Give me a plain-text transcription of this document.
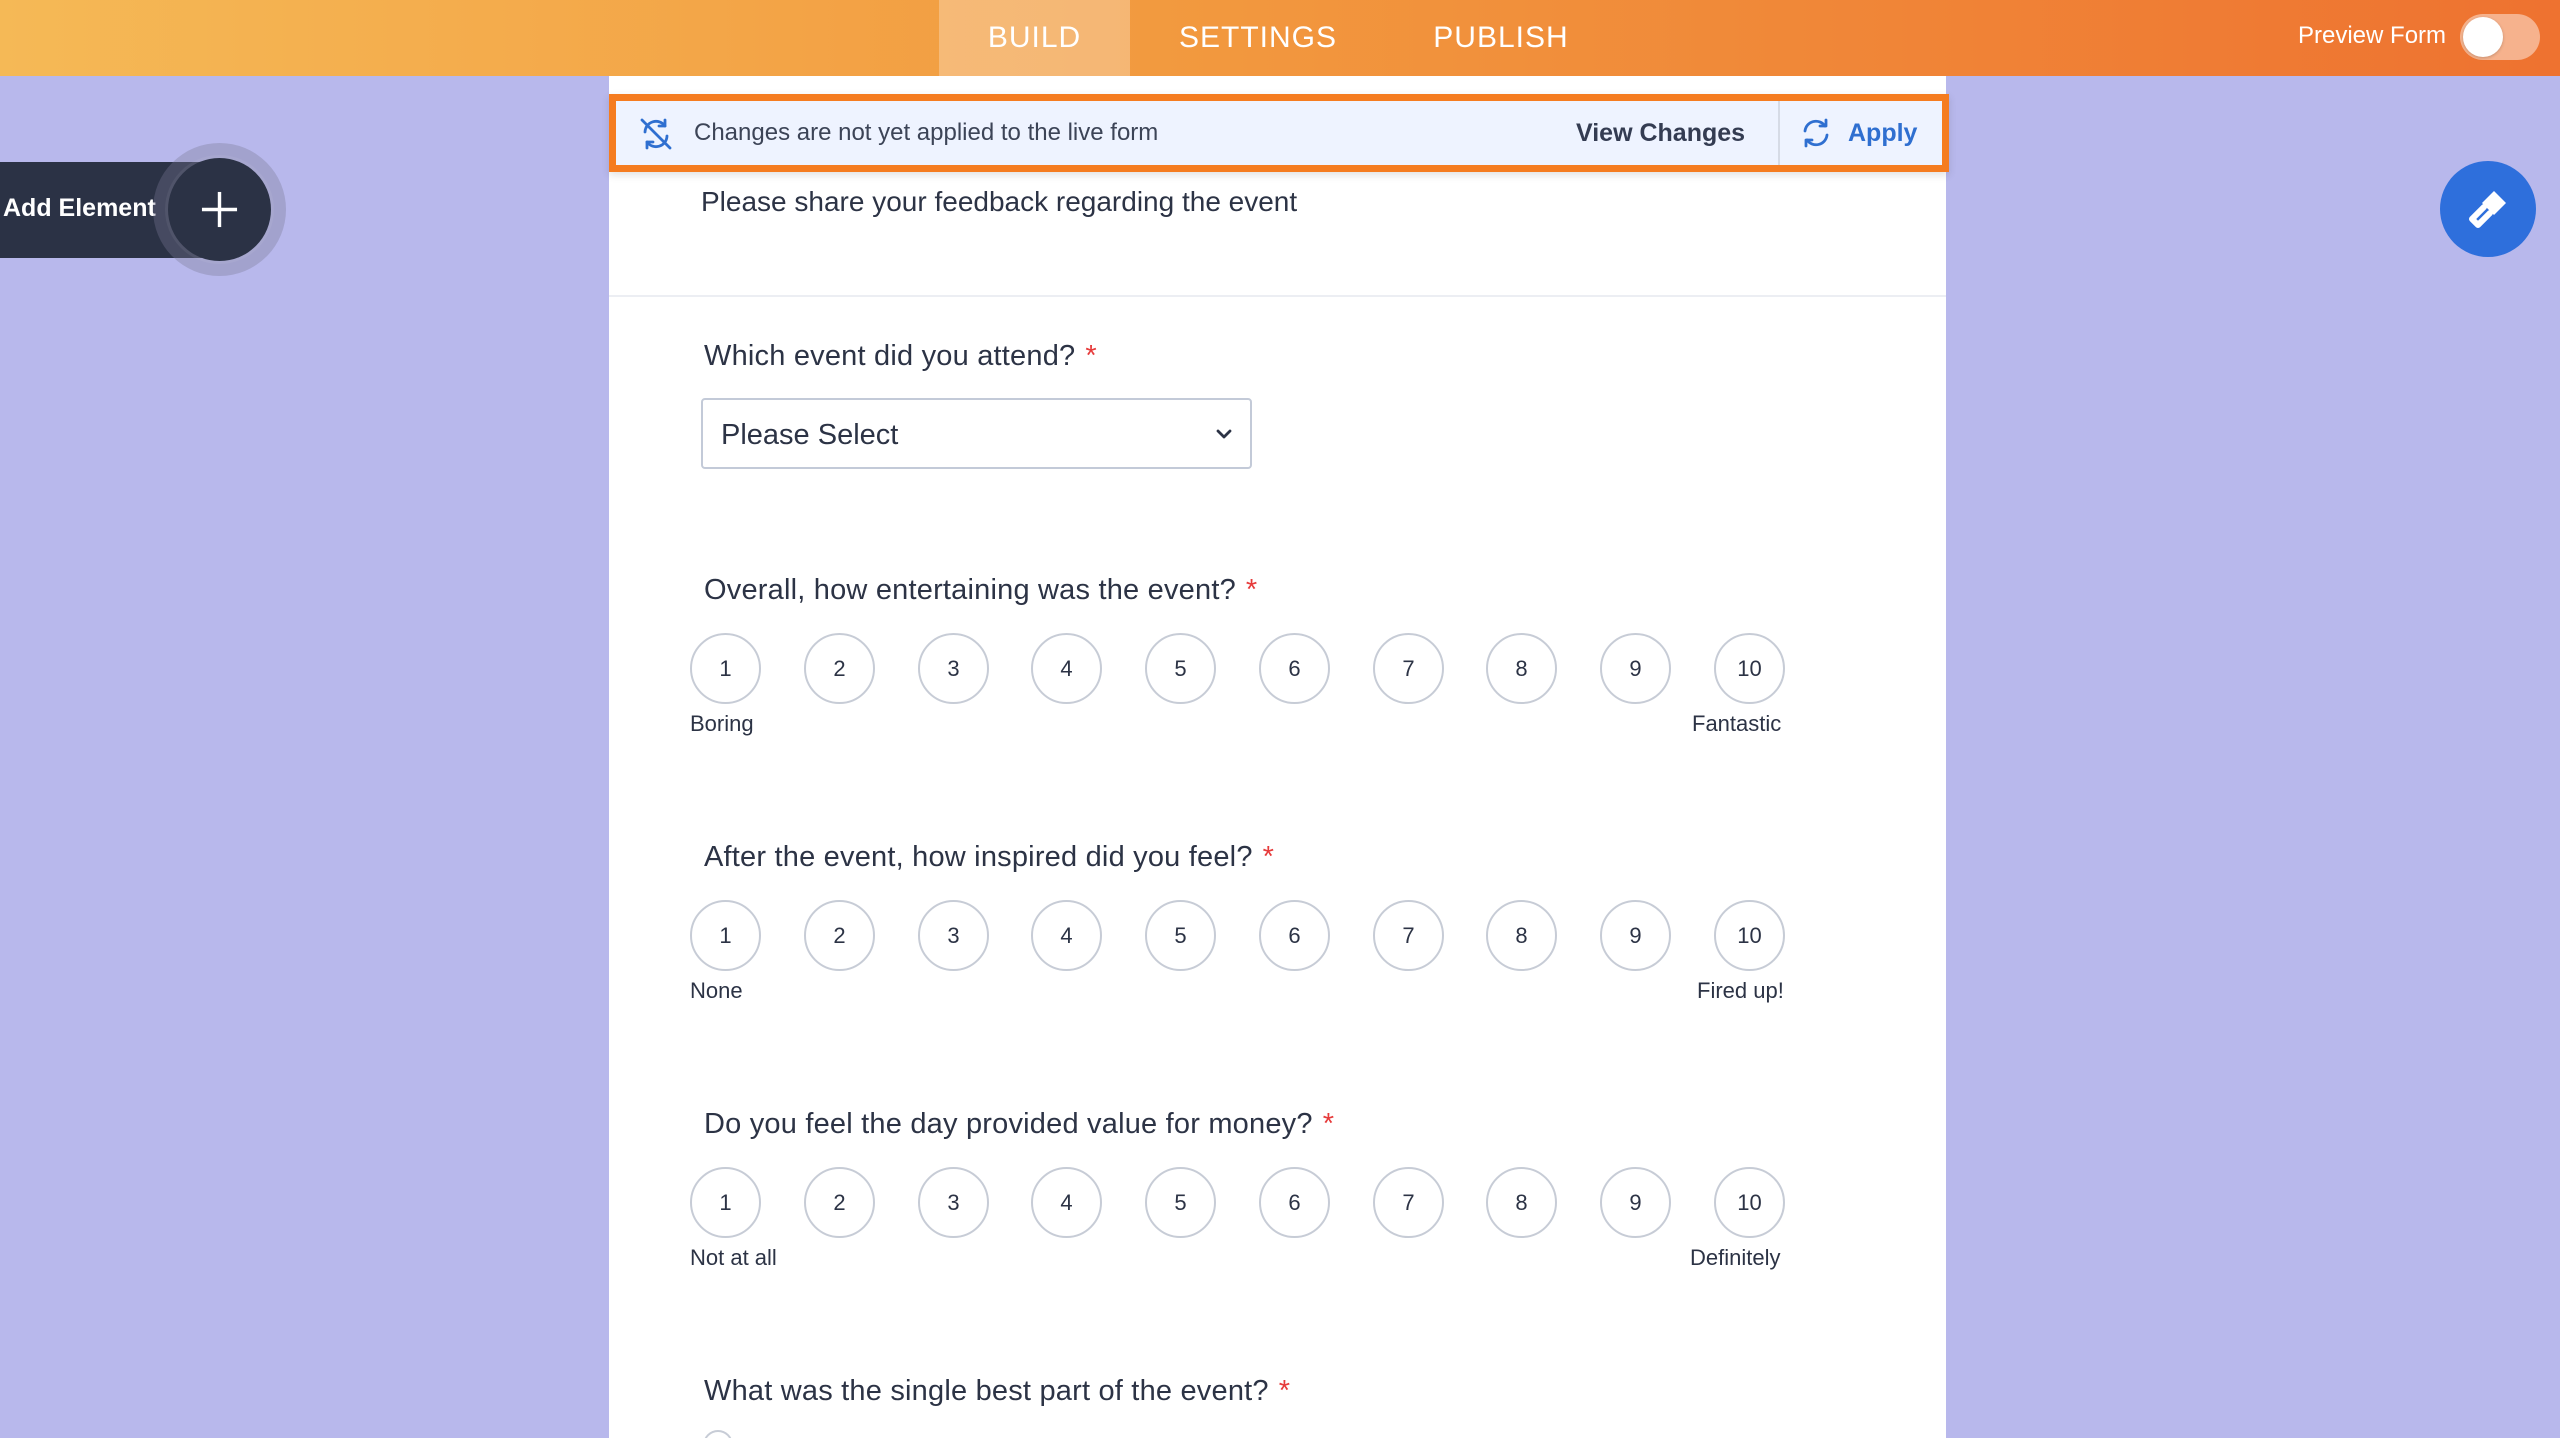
BUILD	SETTINGS	PUBLISH	Preview Form
Add Element	Please share your feedback regarding the event
Changes are not yet applied to the live form	View Changes	Apply
Which event did you attend? *
Please Select
Overall, how entertaining was the event? *
1	2	3	4	5	6	7	8	9	10
Boring	Fantastic
After the event, how inspired did you feel? *
1	2	3	4	5	6	7	8	9	10
None	Fired up!
Do you feel the day provided value for money? *
1	2	3	4	5	6	7	8	9	10
Not at all	Definitely
What was the single best part of the event? *
